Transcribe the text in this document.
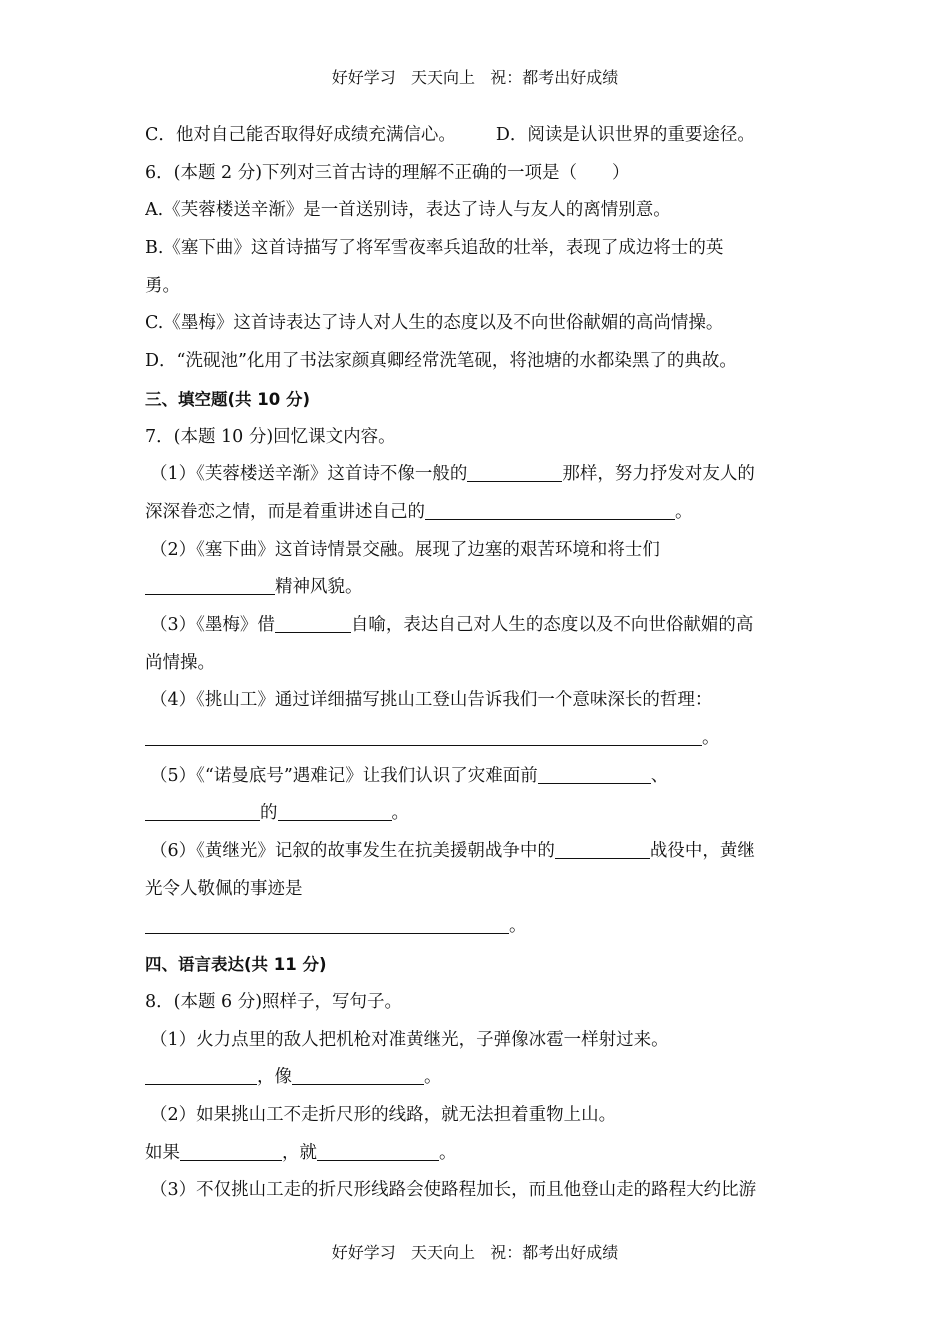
好好学习   天天向上   祝：都考出好成绩
C．他对自己能否取得好成绩充满信心。 D．阅读是认识世界的重要途径。
6．(本题 2 分)下列对三首古诗的理解不正确的一项是（　　）
A.《芙蓉楼送辛渐》是一首送别诗，表达了诗人与友人的离情别意。
B.《塞下曲》这首诗描写了将军雪夜率兵追敌的壮举，表现了成边将士的英
勇。
C.《墨梅》这首诗表达了诗人对人生的态度以及不向世俗献媚的高尚情操。
D．“洗砚池”化用了书法家颜真卿经常洗笔砚，将池塘的水都染黑了的典故。
三、填空题(共 10 分)
7．(本题 10 分)回忆课文内容。
（1）《芙蓉楼送辛渐》这首诗不像一般的	那样，努力抒发对友人的
深深眷恋之情，而是着重讲述自己的	。
（2）《塞下曲》这首诗情景交融。展现了边塞的艰苦环境和将士们
精神风貌。
（3）《墨梅》借	自喻，表达自己对人生的态度以及不向世俗献媚的高
尚情操。
（4）《挑山工》通过详细描写挑山工登山告诉我们一个意味深长的哲理：
。
（5）《“诺曼底号”遇难记》让我们认识了灾难面前	、
的	。
（6）《黄继光》记叙的故事发生在抗美援朝战争中的	战役中，黄继
光令人敬佩的事迹是
。
四、语言表达(共 11 分)
8．(本题 6 分)照样子，写句子。
（1）火力点里的敌人把机枪对准黄继光，子弹像冰雹一样射过来。
，像	。
（2）如果挑山工不走折尺形的线路，就无法担着重物上山。
如果	，就	。
（3）不仅挑山工走的折尺形线路会使路程加长，而且他登山走的路程大约比游
好好学习   天天向上   祝：都考出好成绩
